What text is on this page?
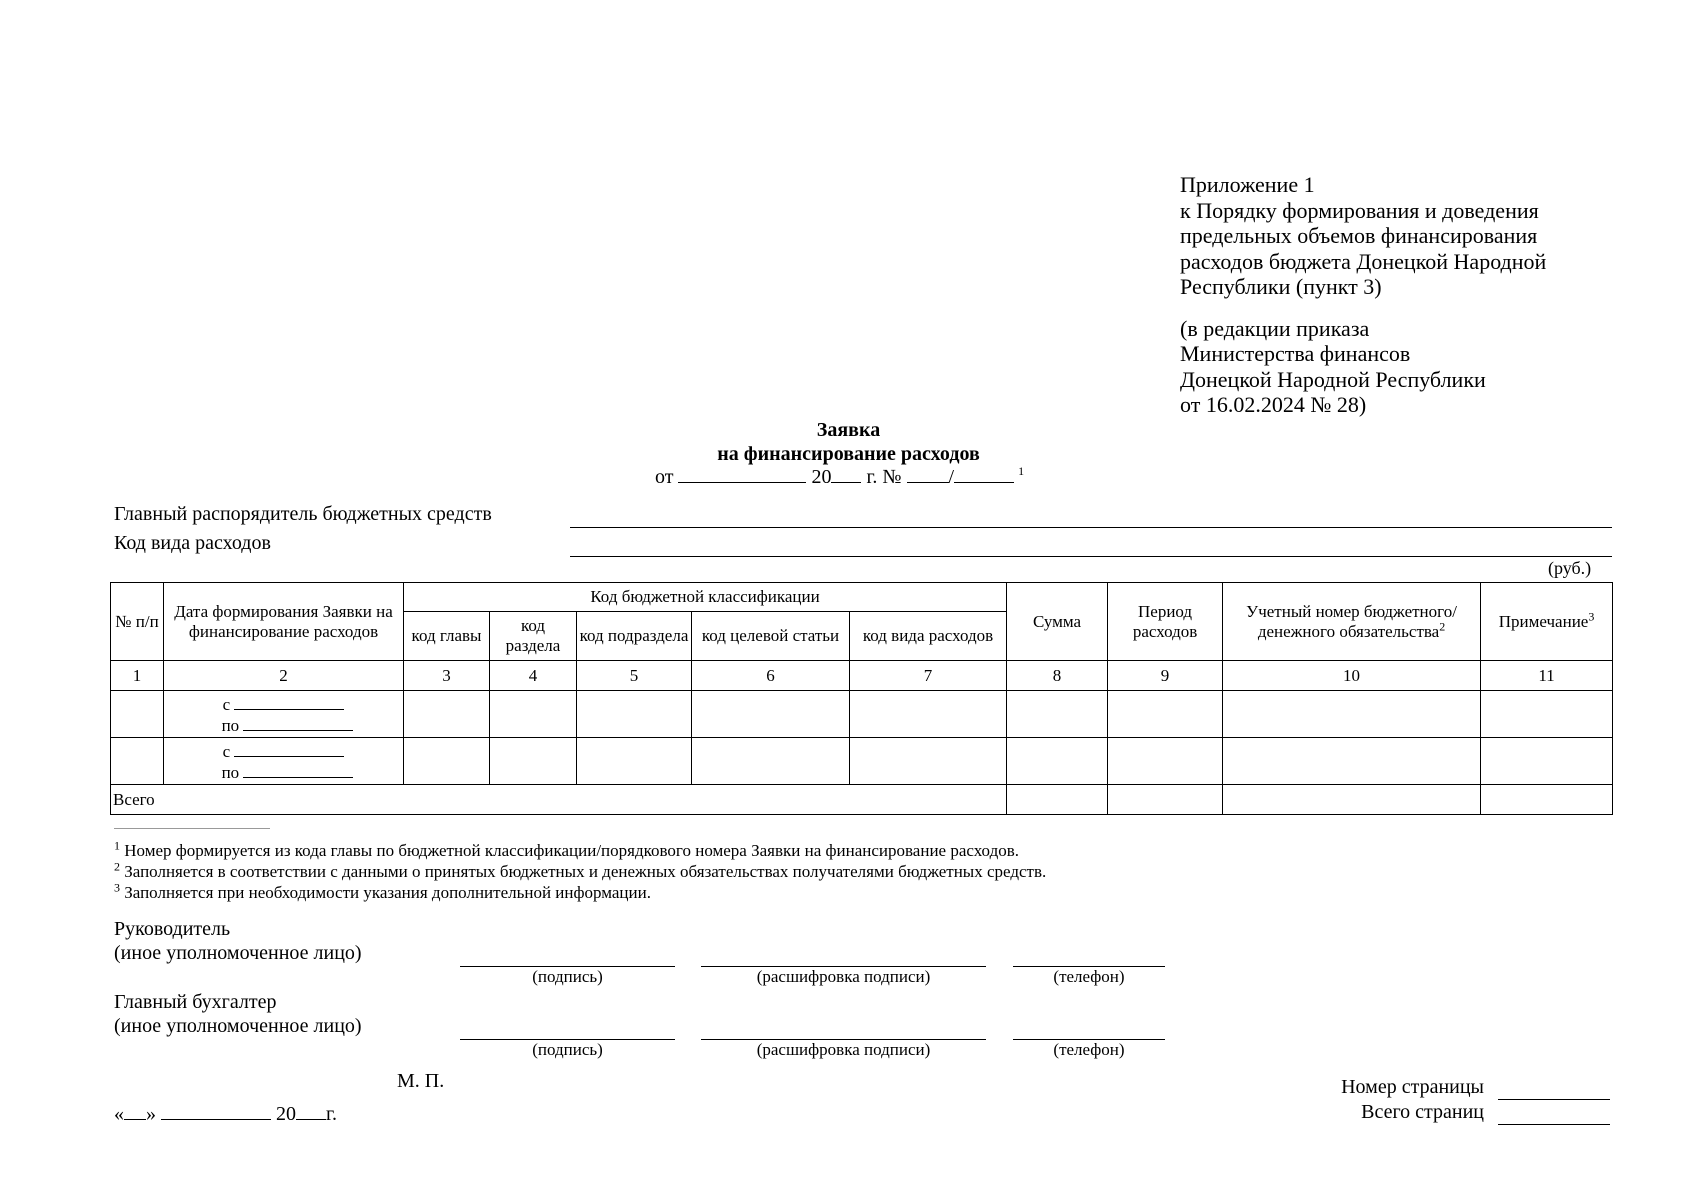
Приложение 1
к Порядку формирования и доведения
предельных объемов финансирования
расходов бюджета Донецкой Народной
Республики (пункт 3)
(в редакции приказа
Министерства финансов
Донецкой Народной Республики
от 16.02.2024 № 28)
Заявка
на финансирование расходов
от	20 г. № /	$^1$
Главный распорядитель бюджетных средств
Код вида расходов
(руб.)
№ п/п	Дата формирования Заявки на финансирование расходов	Код бюджетной классификации					Сумма	Период расходов	Учетный номер бюджетного/ денежного обязательства$^2$	Примечание$^3$
		код главы	код раздела	код подраздела	код целевой статьи	код вида расходов				
1	2	3	4	5	6	7	8	9	10	11

	с
по									

	с
по									

Всего										
$^1$ Номер формируется из кода главы по бюджетной классификации/порядкового номера Заявки на финансирование расходов.
$^2$ Заполняется в соответствии с данными о принятых бюджетных и денежных обязательствах получателями бюджетных средств.
$^3$ Заполняется при необходимости указания дополнительной информации.
Руководитель
(иное уполномоченное лицо)
(подпись)	(расшифровка подписи)	(телефон)
Главный бухгалтер
(иное уполномоченное лицо)
(подпись)	(расшифровка подписи)	(телефон)
М. П.
« »	20 г.
Номер страницы
Всего страниц
